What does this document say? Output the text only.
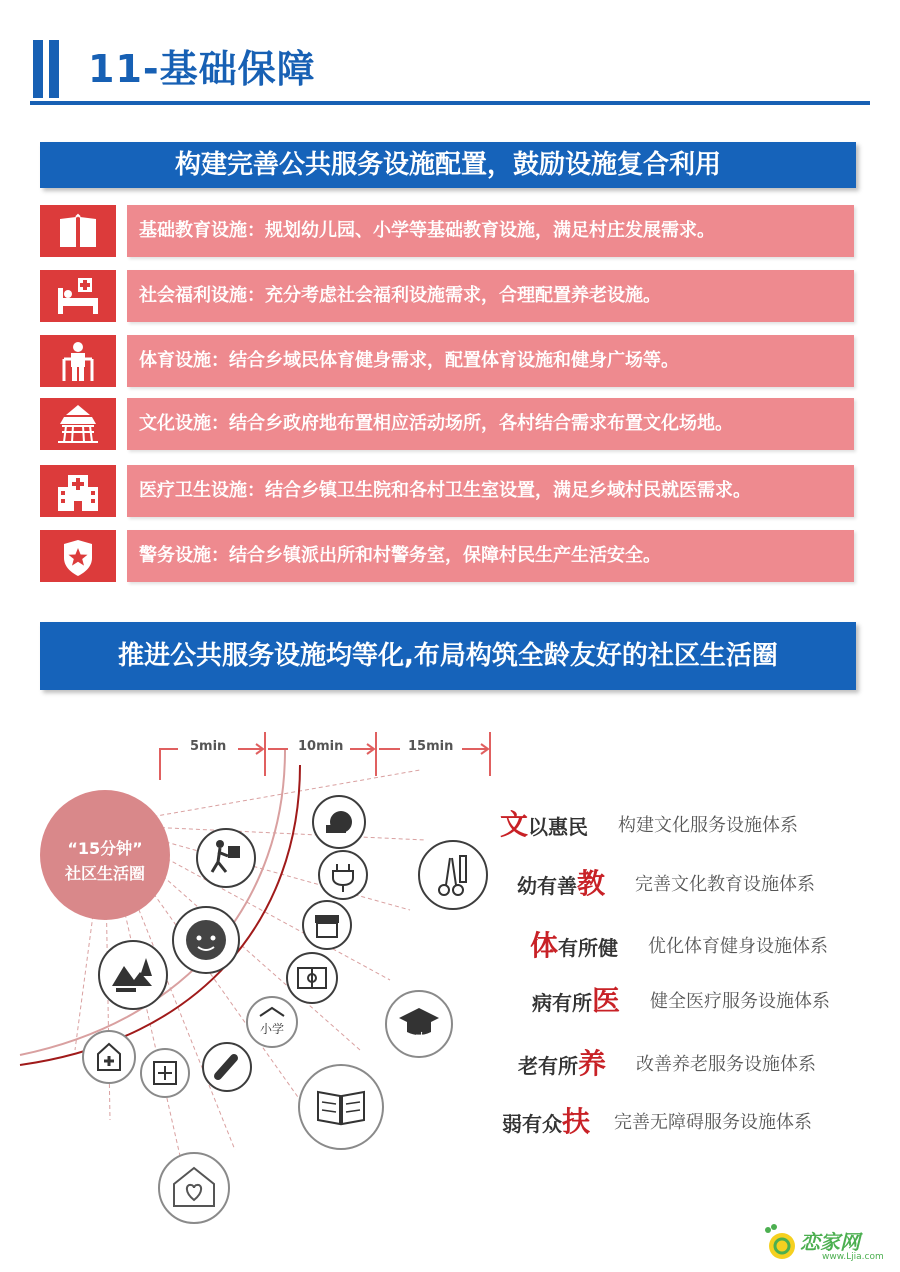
11-基础保障
构建完善公共服务设施配置，鼓励设施复合利用
基础教育设施：规划幼儿园、小学等基础教育设施，满足村庄发展需求。
社会福利设施：充分考虑社会福利设施需求，合理配置养老设施。
体育设施：结合乡域民体育健身需求，配置体育设施和健身广场等。
文化设施：结合乡政府地布置相应活动场所，各村结合需求布置文化场地。
医疗卫生设施：结合乡镇卫生院和各村卫生室设置，满足乡域村民就医需求。
警务设施：结合乡镇派出所和村警务室，保障村民生产生活安全。
推进公共服务设施均等化,布局构筑全龄友好的社区生活圈
5min	10min	15min
“15分钟”
社区生活圈
小学
中
文以惠民 构建文化服务设施体系
幼有善教 完善文化教育设施体系
体有所健 优化体育健身设施体系
病有所医 健全医疗服务设施体系
老有所养 改善养老服务设施体系
弱有众扶 完善无障碍服务设施体系
恋家网
www.Ljia.com
